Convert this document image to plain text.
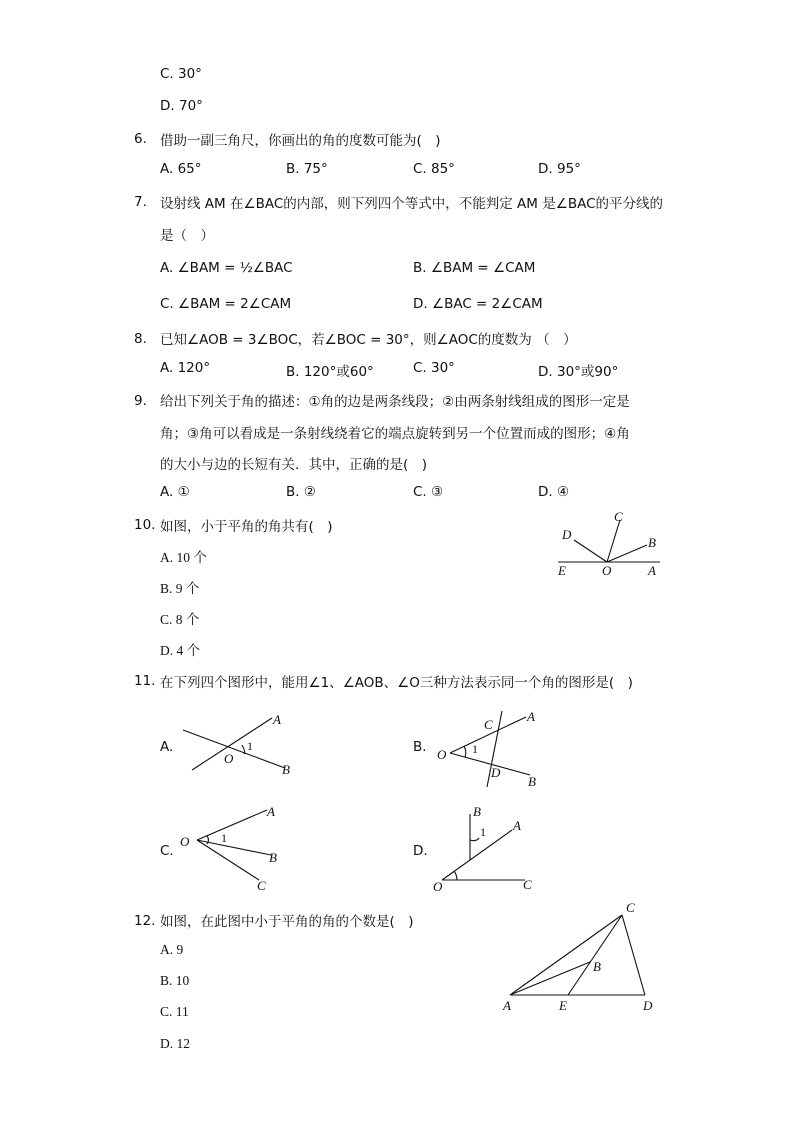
C. 30°
D. 70°
6. 借助一副三角尺，你画出的角的度数可能为(　)
A. 65°	B. 75°	C. 85°	D. 95°
7. 设射线 AM 在∠BAC的内部，则下列四个等式中，不能判定 AM 是∠BAC的平分线的
是（　）
A. ∠BAM = ½∠BAC	B. ∠BAM = ∠CAM
C. ∠BAM = 2∠CAM	D. ∠BAC = 2∠CAM
8. 已知∠AOB = 3∠BOC，若∠BOC = 30°，则∠AOC的度数为 （　）
A. 120°	B. 120°或60°	C. 30°	D. 30°或90°
9. 给出下列关于角的描述：①角的边是两条线段；②由两条射线组成的图形一定是
角；③角可以看成是一条射线绕着它的端点旋转到另一个位置而成的图形；④角
的大小与边的长短有关．其中，正确的是(　)
A. ①	B. ②	C. ③	D. ④
10. 如图，小于平角的角共有(　)
A. 10 个
B. 9 个
C. 8 个
D. 4 个
D
C
B
E	O	A
11. 在下列四个图形中，能用∠1、∠AOB、∠O三种方法表示同一个角的图形是(　)
A.
A
1
O
B
B.
C
A
1
O
D
B
C.
A
1
O
B
C
D.
B
A
1
O	C
12. 如图，在此图中小于平角的角的个数是(　)
A. 9
B. 10
C. 11
D. 12
C
B
A	E	D
